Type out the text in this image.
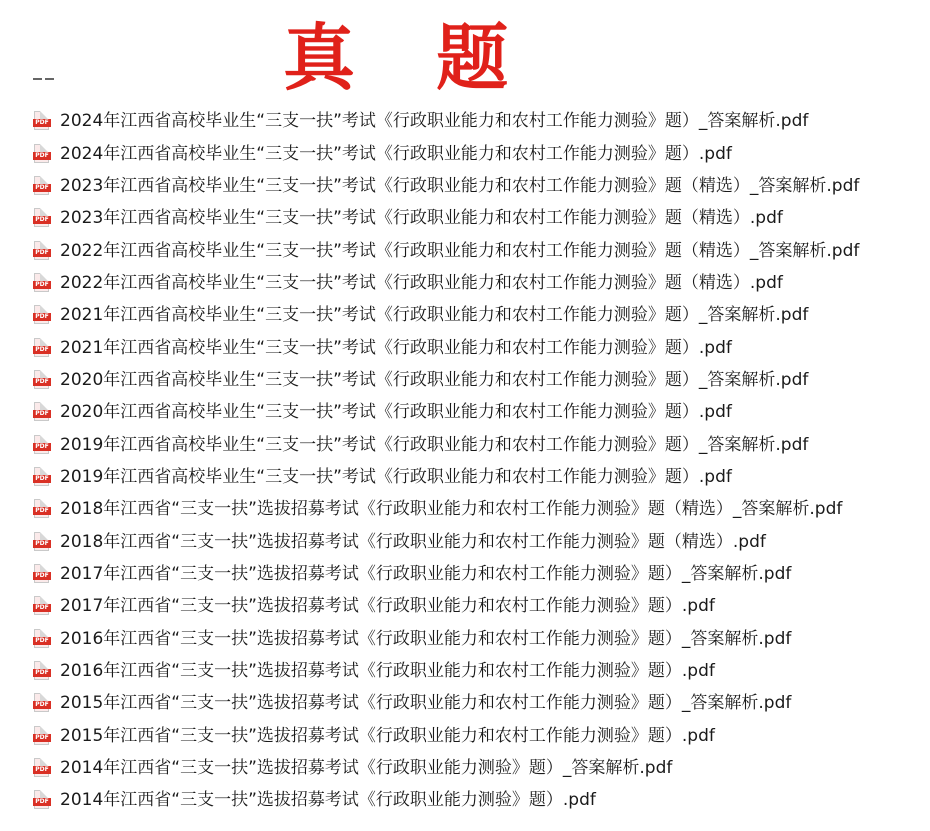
真 题
PDF 2024年江西省高校毕业生“三支一扶”考试《行政职业能力和农村工作能力测验》题）_答案解析.pdf
PDF 2024年江西省高校毕业生“三支一扶”考试《行政职业能力和农村工作能力测验》题）.pdf
PDF 2023年江西省高校毕业生“三支一扶”考试《行政职业能力和农村工作能力测验》题（精选）_答案解析.pdf
PDF 2023年江西省高校毕业生“三支一扶”考试《行政职业能力和农村工作能力测验》题（精选）.pdf
PDF 2022年江西省高校毕业生“三支一扶”考试《行政职业能力和农村工作能力测验》题（精选）_答案解析.pdf
PDF 2022年江西省高校毕业生“三支一扶”考试《行政职业能力和农村工作能力测验》题（精选）.pdf
PDF 2021年江西省高校毕业生“三支一扶”考试《行政职业能力和农村工作能力测验》题）_答案解析.pdf
PDF 2021年江西省高校毕业生“三支一扶”考试《行政职业能力和农村工作能力测验》题）.pdf
PDF 2020年江西省高校毕业生“三支一扶”考试《行政职业能力和农村工作能力测验》题）_答案解析.pdf
PDF 2020年江西省高校毕业生“三支一扶”考试《行政职业能力和农村工作能力测验》题）.pdf
PDF 2019年江西省高校毕业生“三支一扶”考试《行政职业能力和农村工作能力测验》题）_答案解析.pdf
PDF 2019年江西省高校毕业生“三支一扶”考试《行政职业能力和农村工作能力测验》题）.pdf
PDF 2018年江西省“三支一扶”选拔招募考试《行政职业能力和农村工作能力测验》题（精选）_答案解析.pdf
PDF 2018年江西省“三支一扶”选拔招募考试《行政职业能力和农村工作能力测验》题（精选）.pdf
PDF 2017年江西省“三支一扶”选拔招募考试《行政职业能力和农村工作能力测验》题）_答案解析.pdf
PDF 2017年江西省“三支一扶”选拔招募考试《行政职业能力和农村工作能力测验》题）.pdf
PDF 2016年江西省“三支一扶”选拔招募考试《行政职业能力和农村工作能力测验》题）_答案解析.pdf
PDF 2016年江西省“三支一扶”选拔招募考试《行政职业能力和农村工作能力测验》题）.pdf
PDF 2015年江西省“三支一扶”选拔招募考试《行政职业能力和农村工作能力测验》题）_答案解析.pdf
PDF 2015年江西省“三支一扶”选拔招募考试《行政职业能力和农村工作能力测验》题）.pdf
PDF 2014年江西省“三支一扶”选拔招募考试《行政职业能力测验》题）_答案解析.pdf
PDF 2014年江西省“三支一扶”选拔招募考试《行政职业能力测验》题）.pdf
